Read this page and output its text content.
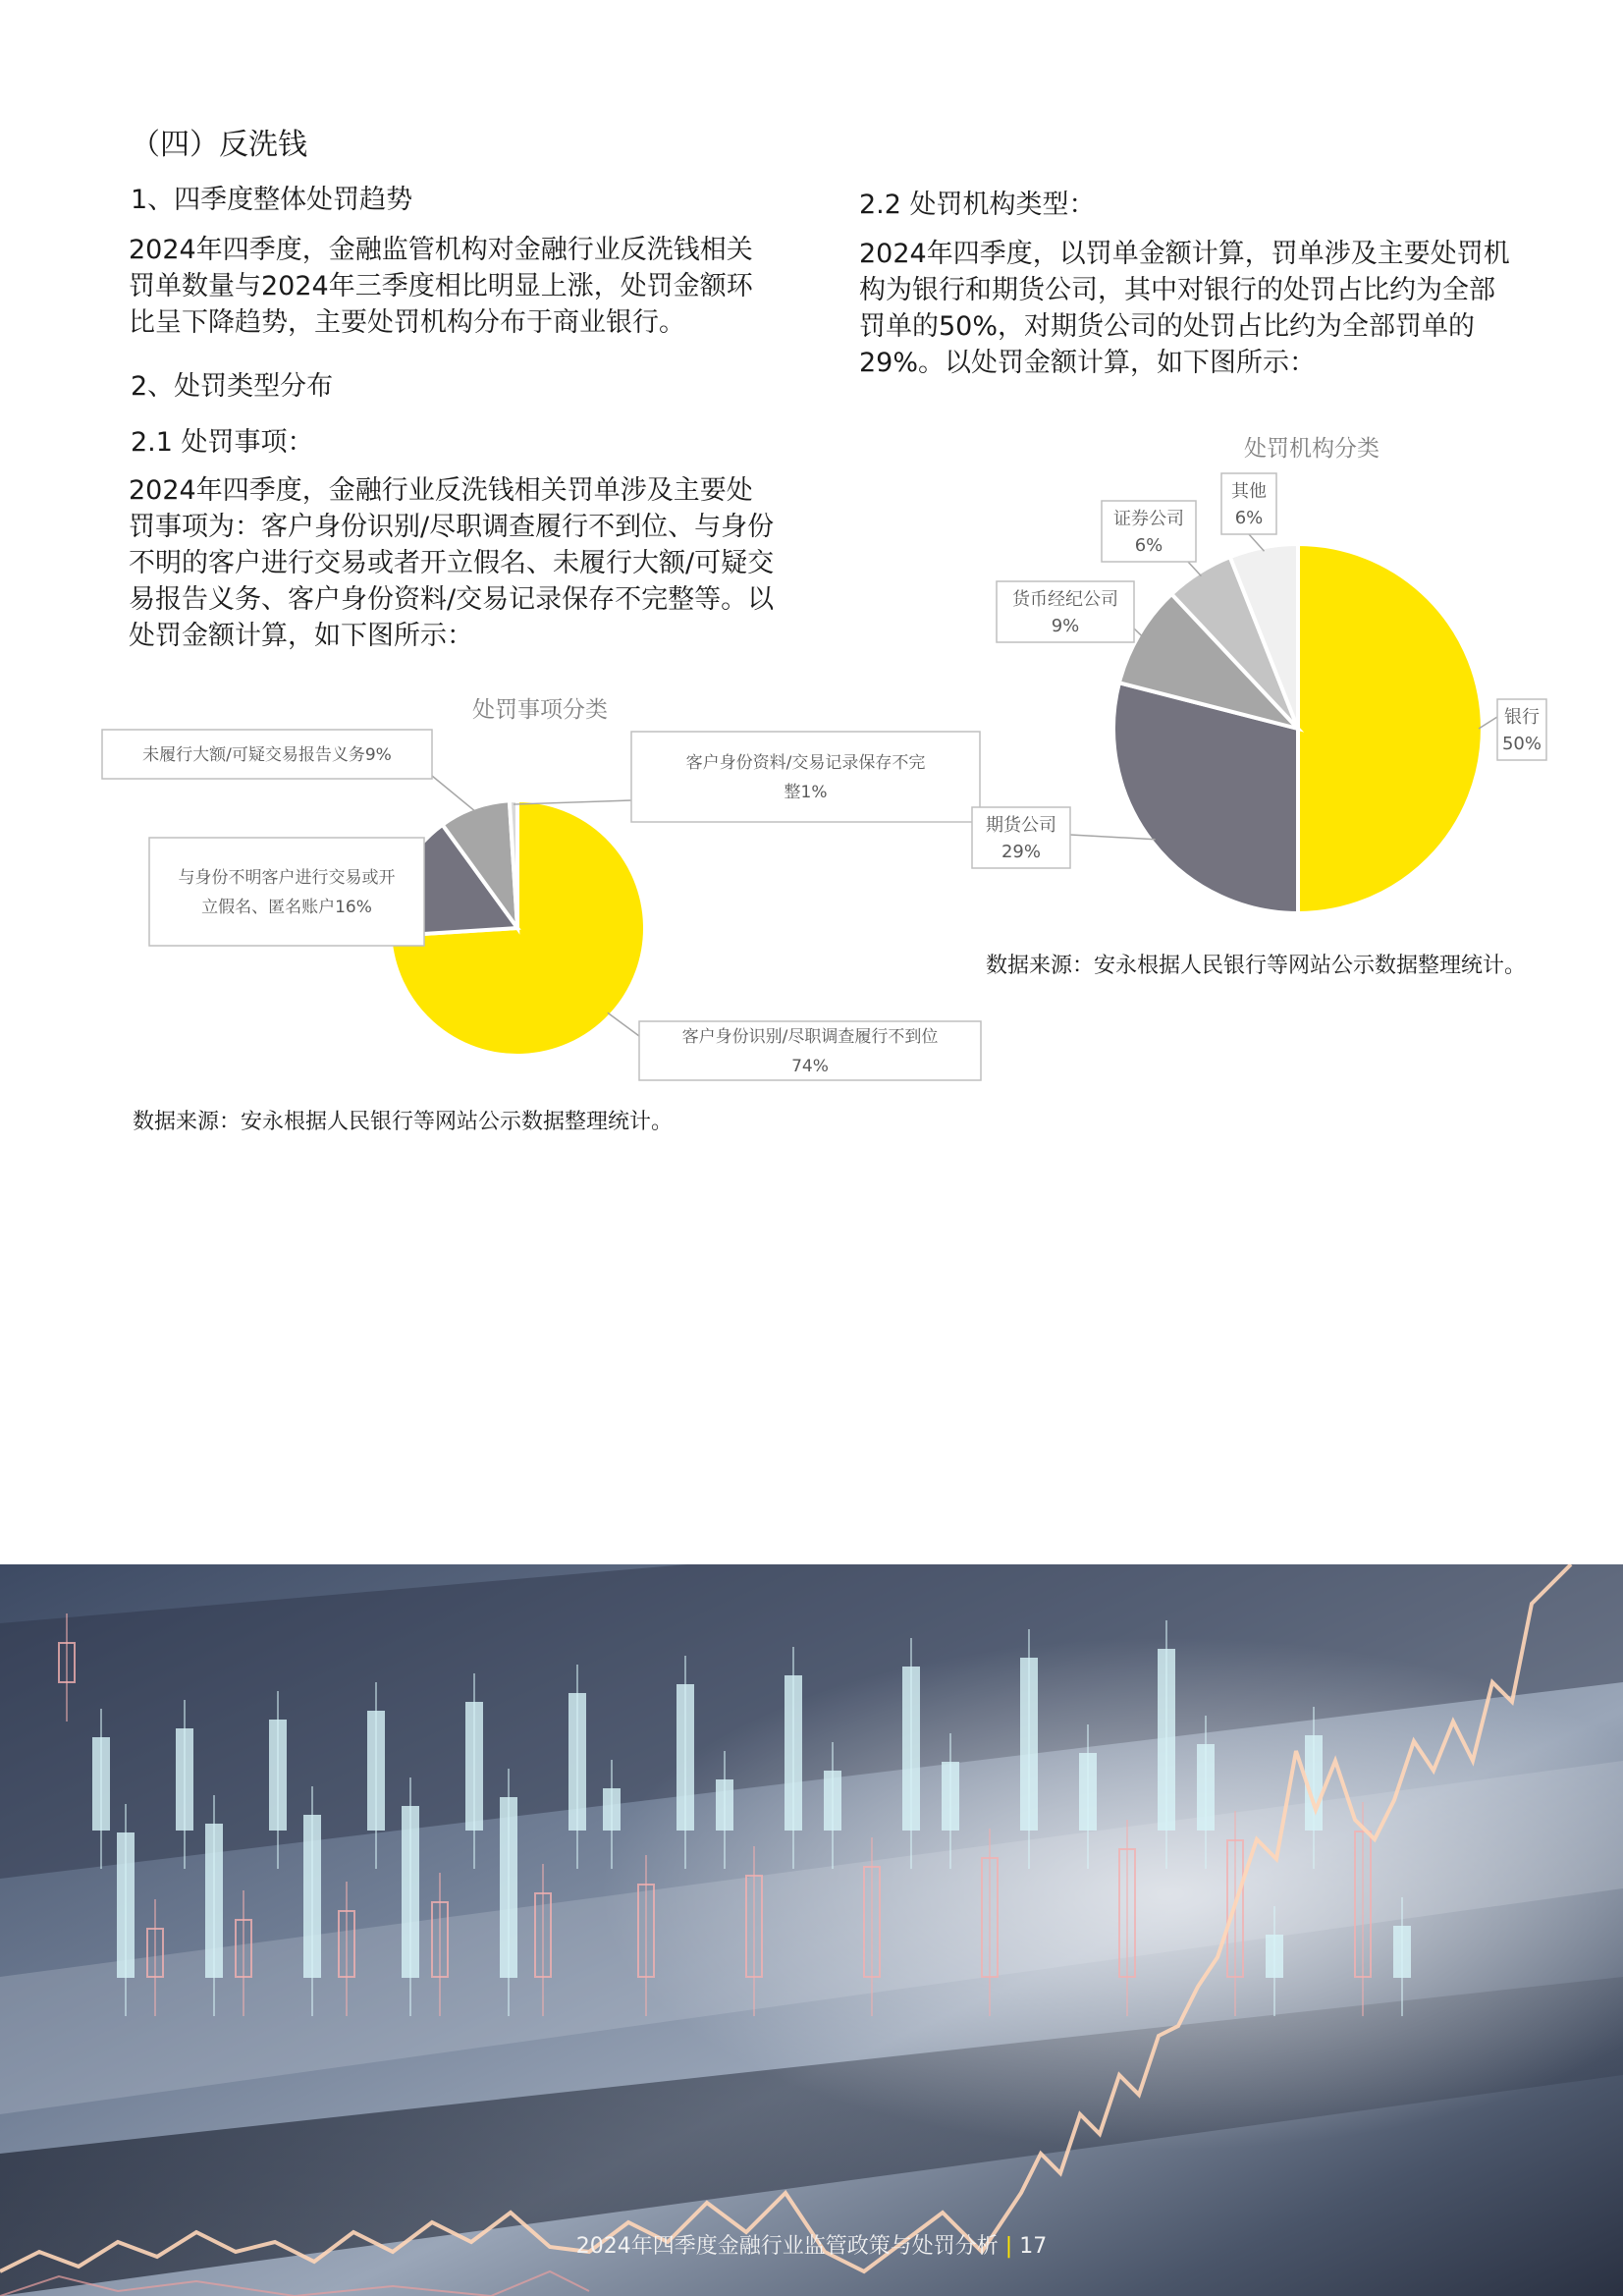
（四）反洗钱
1、四季度整体处罚趋势
2024年四季度，金融监管机构对金融行业反洗钱相关罚单数量与2024年三季度相比明显上涨，处罚金额环比呈下降趋势，主要处罚机构分布于商业银行。
2、处罚类型分布
2.1 处罚事项：
2024年四季度，金融行业反洗钱相关罚单涉及主要处罚事项为：客户身份识别/尽职调查履行不到位、与身份不明的客户进行交易或者开立假名、未履行大额/可疑交易报告义务、客户身份资料/交易记录保存不完整等。以处罚金额计算，如下图所示：
处罚事项分类
客户身份识别/尽职调查履行不到位
74%
与身份不明客户进行交易或开
立假名、匿名账户16%
未履行大额/可疑交易报告义务9%	客户身份资料/交易记录保存不完
整1%
数据来源：安永根据人民银行等网站公示数据整理统计。
2.2 处罚机构类型：
2024年四季度，以罚单金额计算，罚单涉及主要处罚机构为银行和期货公司，其中对银行的处罚占比约为全部罚单的50%，对期货公司的处罚占比约为全部罚单的29%。以处罚金额计算，如下图所示：
处罚机构分类
银行
50%
期货公司
29%
货币经纪公司
9%
证券公司
6%
其他
6%
数据来源：安永根据人民银行等网站公示数据整理统计。
2024年四季度金融行业监管政策与处罚分析 | 17
